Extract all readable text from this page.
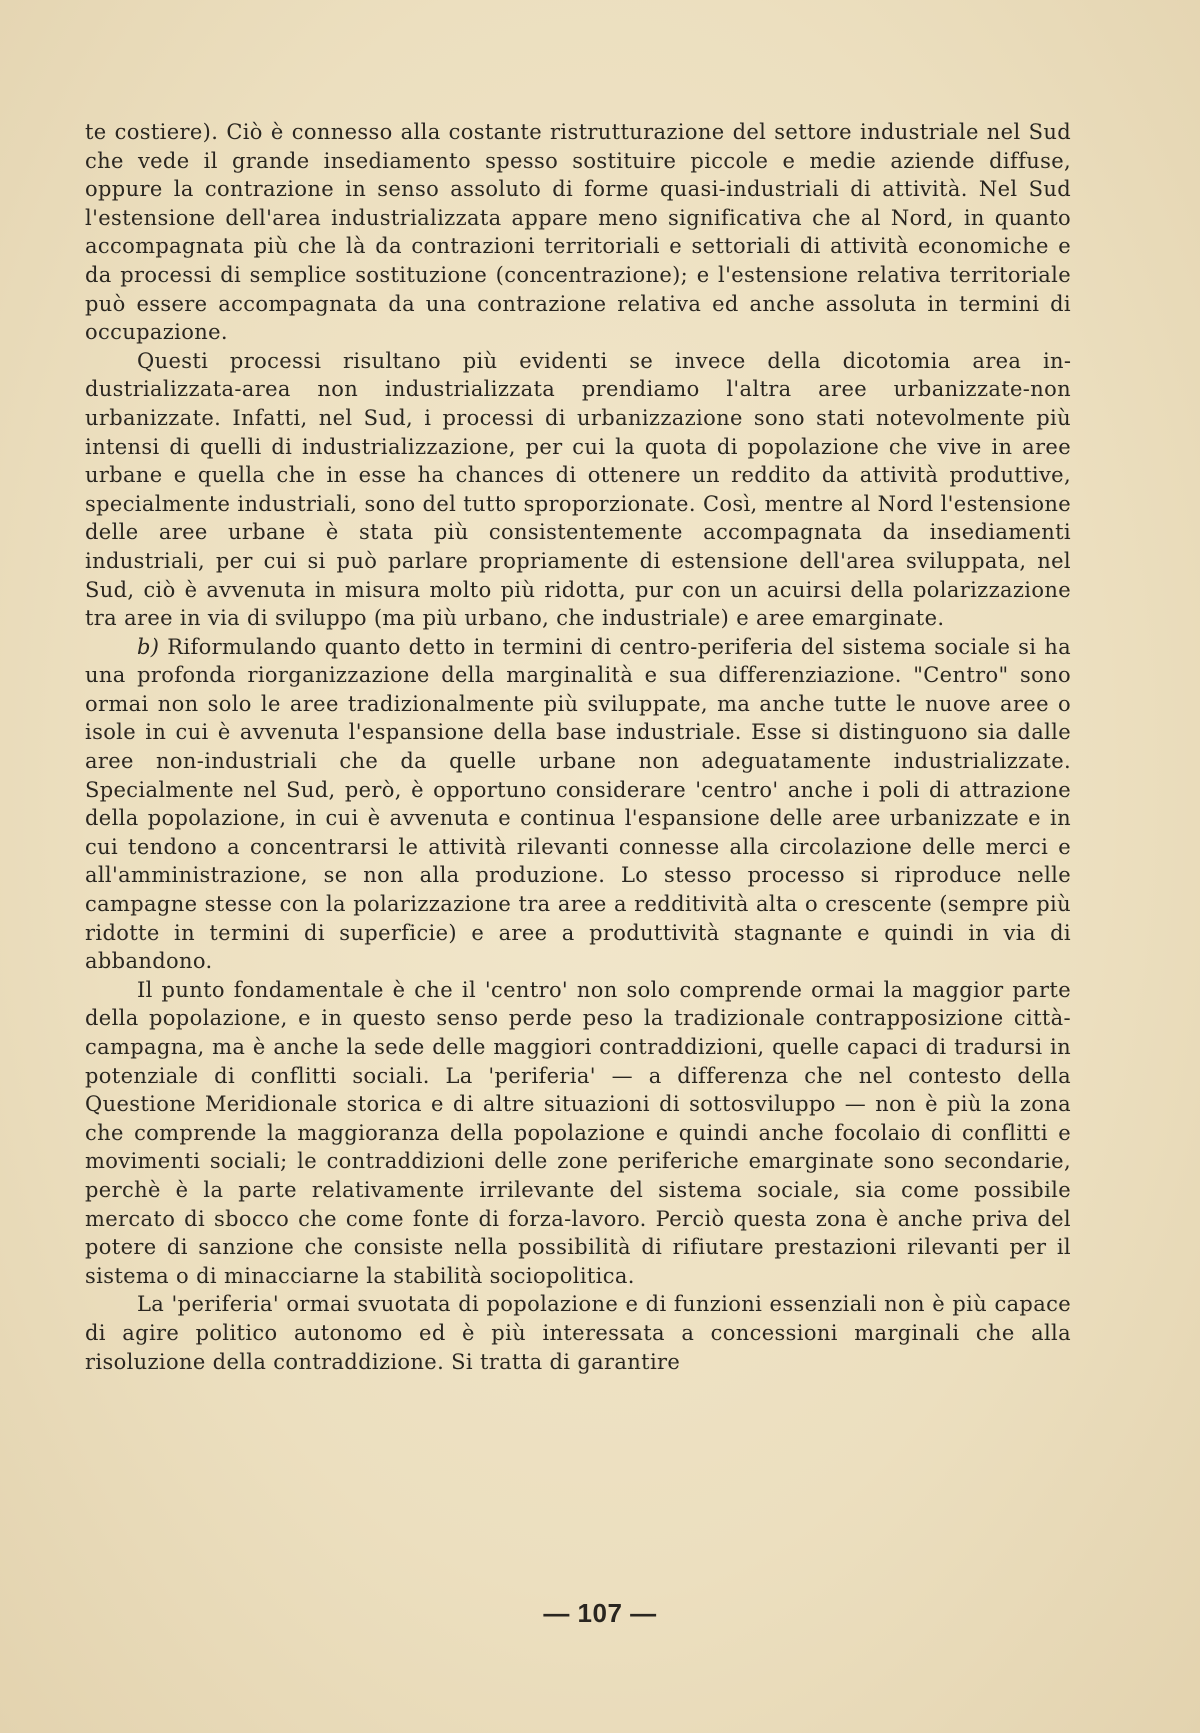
te costiere). Ciò è connesso alla costante ristrutturazione del settore industriale nel Sud che vede il grande insediamento spesso sostituire piccole e medie aziende diffuse, oppure la contrazione in senso assoluto di forme quasi-industriali di attività. Nel Sud l'estensione dell'area industrializzata appare meno significativa che al Nord, in quanto accompagnata più che là da contrazioni territoriali e settoriali di attività economiche e da processi di semplice sostituzione (concentrazione); e l'estensione relativa territoriale può essere accompagnata da una contrazione relativa ed anche assoluta in termini di occupazione.

Questi processi risultano più evidenti se invece della dicotomia area industrializzata-area non industrializzata prendiamo l'altra aree urbanizzate-non urbanizzate. Infatti, nel Sud, i processi di urbanizzazione sono stati notevolmente più intensi di quelli di industrializzazione, per cui la quota di popolazione che vive in aree urbane e quella che in esse ha chances di ottenere un reddito da attività produttive, specialmente industriali, sono del tutto sproporzionate. Così, mentre al Nord l'estensione delle aree urbane è stata più consistentemente accompagnata da insediamenti industriali, per cui si può parlare propriamente di estensione dell'area sviluppata, nel Sud, ciò è avvenuta in misura molto più ridotta, pur con un acuirsi della polarizzazione tra aree in via di sviluppo (ma più urbano, che industriale) e aree emarginate.

b) Riformulando quanto detto in termini di centro-periferia del sistema sociale si ha una profonda riorganizzazione della marginalità e sua differenziazione. "Centro" sono ormai non solo le aree tradizionalmente più sviluppate, ma anche tutte le nuove aree o isole in cui è avvenuta l'espansione della base industriale. Esse si distinguono sia dalle aree non-industriali che da quelle urbane non adeguatamente industrializzate. Specialmente nel Sud, però, è opportuno considerare 'centro' anche i poli di attrazione della popolazione, in cui è avvenuta e continua l'espansione delle aree urbanizzate e in cui tendono a concentrarsi le attività rilevanti connesse alla circolazione delle merci e all'amministrazione, se non alla produzione. Lo stesso processo si riproduce nelle campagne stesse con la polarizzazione tra aree a redditività alta o crescente (sempre più ridotte in termini di superficie) e aree a produttività stagnante e quindi in via di abbandono.

Il punto fondamentale è che il 'centro' non solo comprende ormai la maggior parte della popolazione, e in questo senso perde peso la tradizionale contrapposizione città-campagna, ma è anche la sede delle maggiori contraddizioni, quelle capaci di tradursi in potenziale di conflitti sociali. La 'periferia' — a differenza che nel contesto della Questione Meridionale storica e di altre situazioni di sottosviluppo — non è più la zona che comprende la maggioranza della popolazione e quindi anche focolaio di conflitti e movimenti sociali; le contraddizioni delle zone periferiche emarginate sono secondarie, perchè è la parte relativamente irrilevante del sistema sociale, sia come possibile mercato di sbocco che come fonte di forza-lavoro. Perciò questa zona è anche priva del potere di sanzione che consiste nella possibilità di rifiutare prestazioni rilevanti per il sistema o di minacciarne la stabilità sociopolitica.

La 'periferia' ormai svuotata di popolazione e di funzioni essenziali non è più capace di agire politico autonomo ed è più interessata a concessioni marginali che alla risoluzione della contraddizione. Si tratta di garantire

— 107 —
